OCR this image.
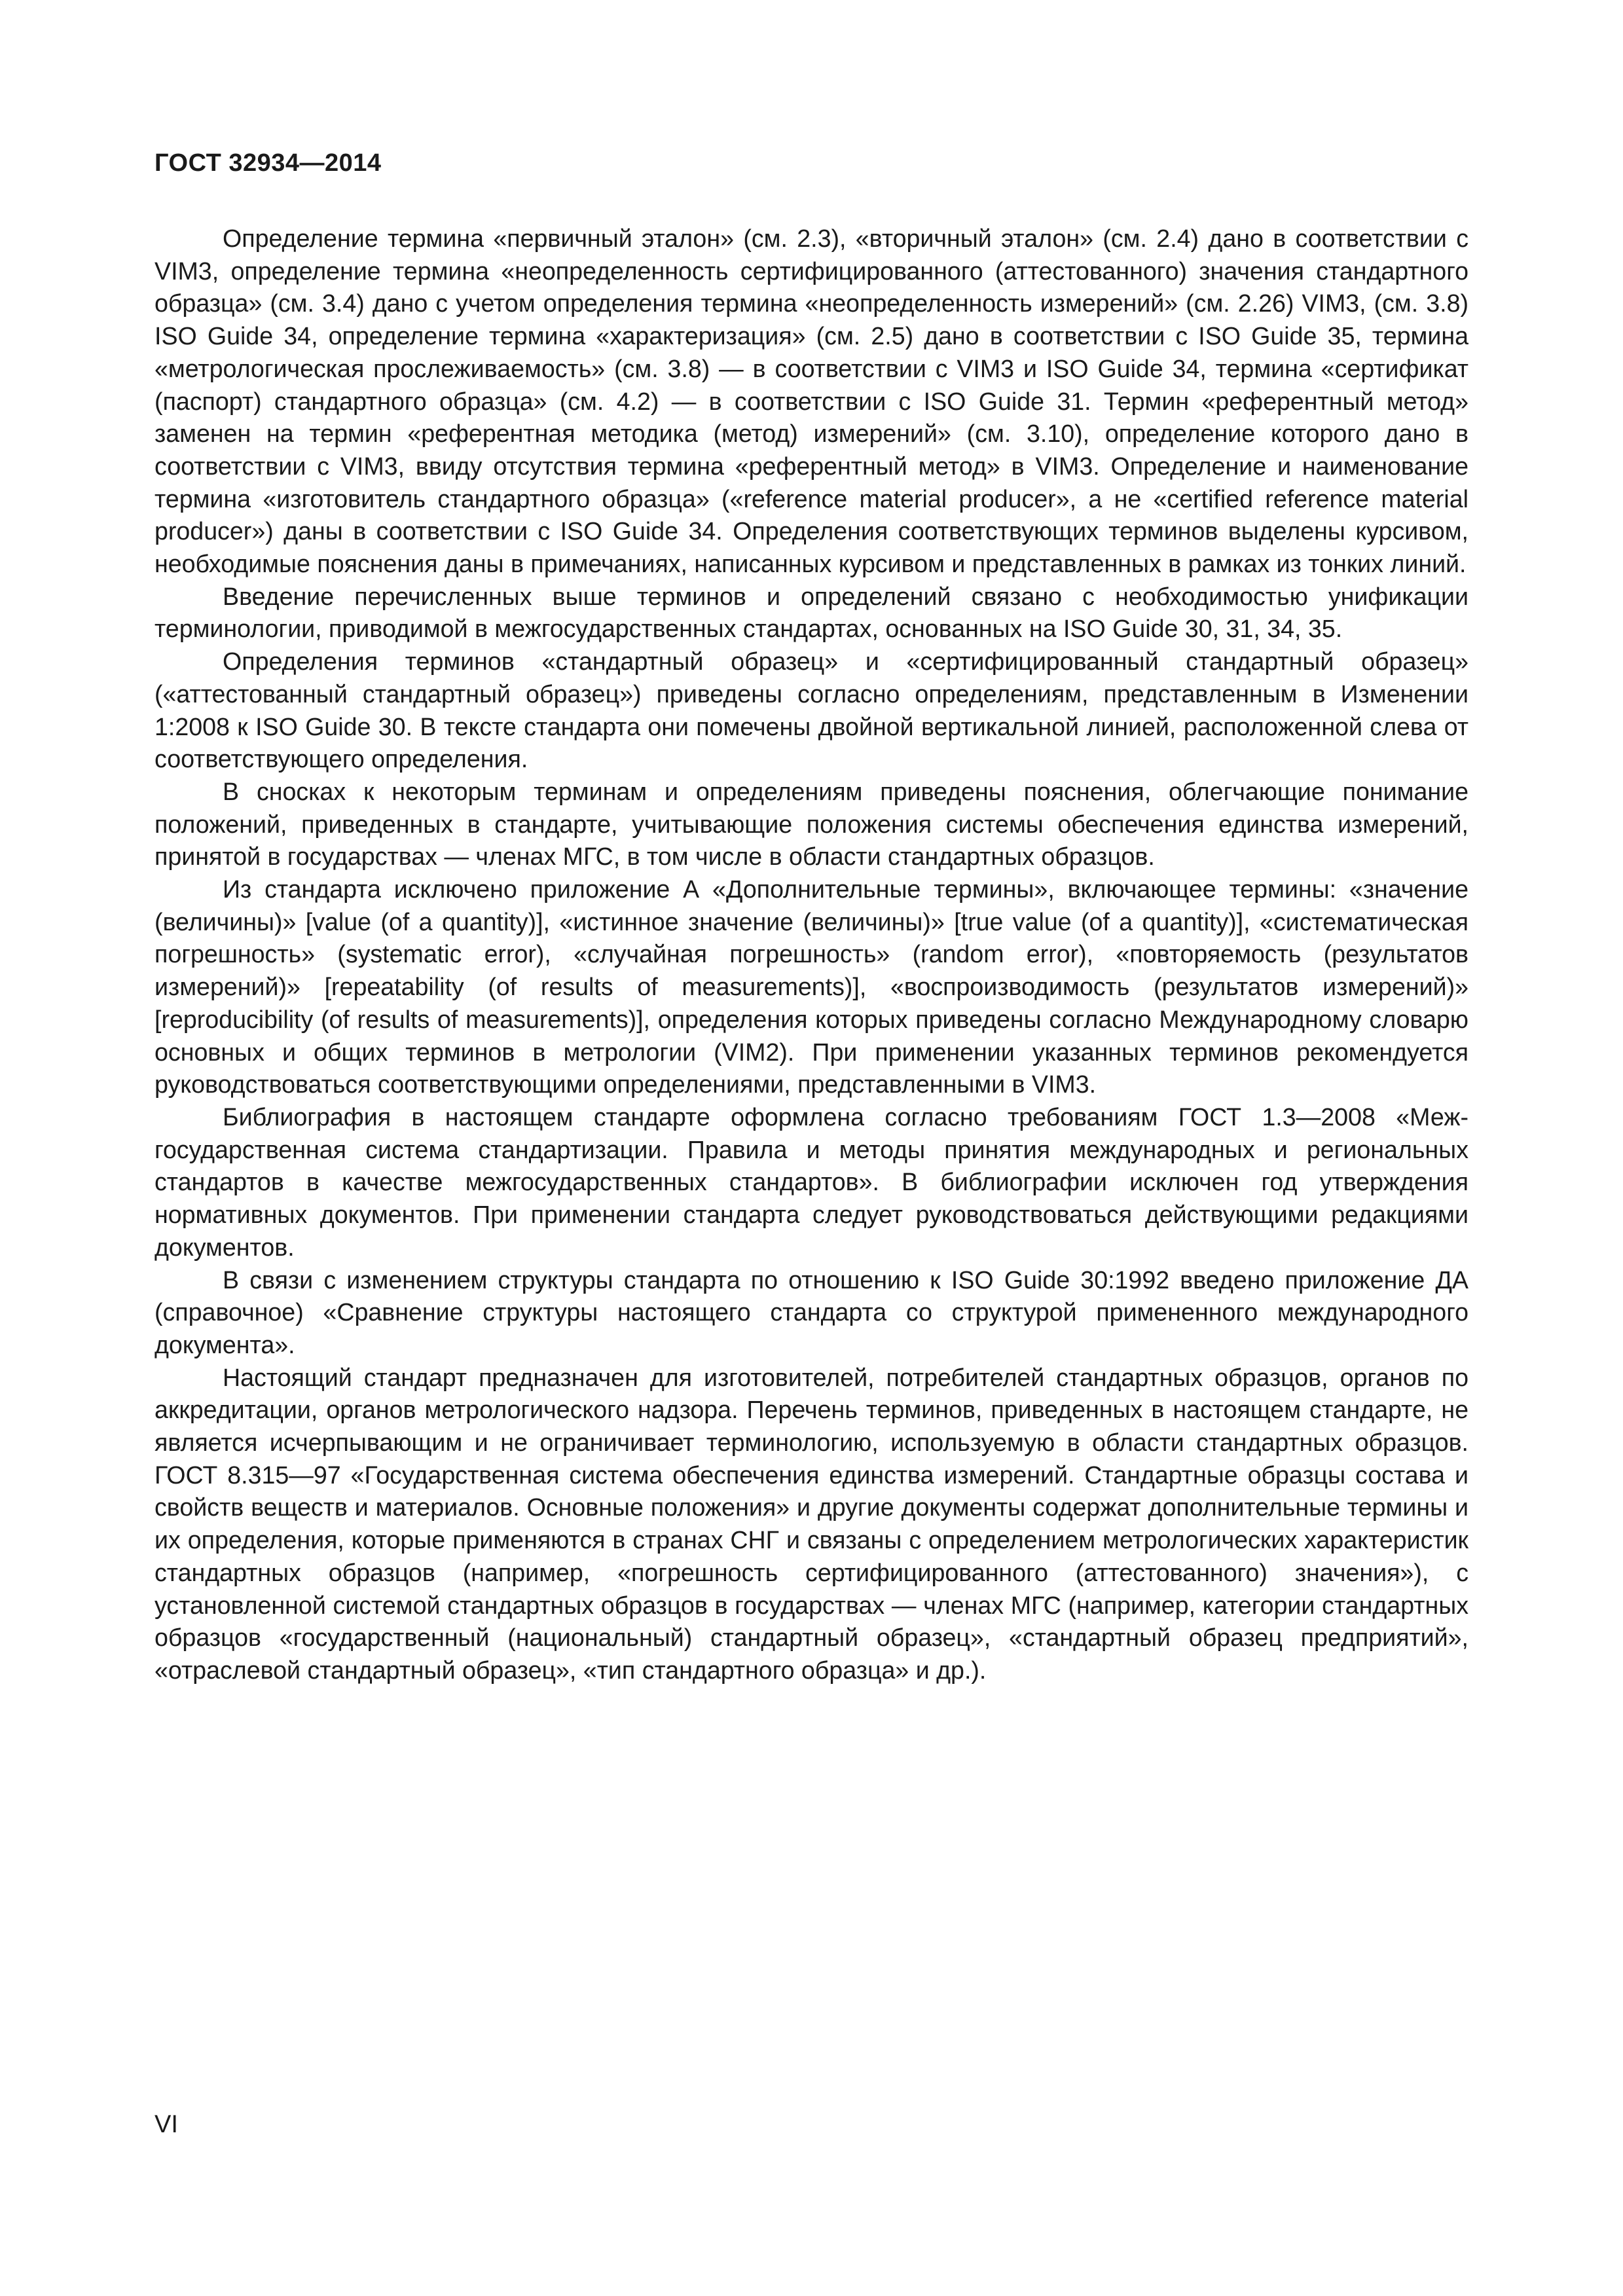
ГОСТ 32934—2014

Определение термина «первичный эталон» (см. 2.3), «вторичный эталон» (см. 2.4) дано в соответствии с VIM3, определение термина «неопределенность сертифицированного (аттестованного) значения стандартного образца» (см. 3.4) дано с учетом определения термина «неопределенность измерений» (см. 2.26) VIM3, (см. 3.8) ISO Guide 34, определение термина «характеризация» (см. 2.5) дано в соответствии с ISO Guide 35, термина «метрологическая прослеживаемость» (см. 3.8) — в соответствии с VIM3 и ISO Guide 34, термина «сертификат (паспорт) стандартного образца» (см. 4.2) — в соответствии с ISO Guide 31. Термин «референтный метод» заменен на термин «референтная методика (метод) измерений» (см. 3.10), определение которого дано в соответствии с VIM3, ввиду отсутствия термина «референтный метод» в VIM3. Определение и наименование термина «изготовитель стандартного образца» («reference material producer», а не «certified reference material producer») даны в соответствии с ISO Guide 34. Определения соответствующих терминов выделены курсивом, необходимые пояснения даны в примечаниях, написанных курсивом и представленных в рамках из тонких линий.

Введение перечисленных выше терминов и определений связано с необходимостью унификации терминологии, приводимой в межгосударственных стандартах, основанных на ISO Guide 30, 31, 34, 35.

Определения терминов «стандартный образец» и «сертифицированный стандартный образец» («аттестованный стандартный образец») приведены согласно определениям, представленным в Изменении 1:2008 к ISO Guide 30. В тексте стандарта они помечены двойной вертикальной линией, расположенной слева от соответствующего определения.

В сносках к некоторым терминам и определениям приведены пояснения, облегчающие понимание положений, приведенных в стандарте, учитывающие положения системы обеспечения единства измерений, принятой в государствах — членах МГС, в том числе в области стандартных образцов.

Из стандарта исключено приложение А «Дополнительные термины», включающее термины: «значение (величины)» [value (of a quantity)], «истинное значение (величины)» [true value (of a quantity)], «систематическая погрешность» (systematic error), «случайная погрешность» (random error), «повторяемость (результатов измерений)» [repeatability (of results of measurements)], «воспроизводимость (результатов измерений)» [reproducibility (of results of measurements)], определения которых приведены согласно Международному словарю основных и общих терминов в метрологии (VIM2). При применении указанных терминов рекомендуется руководствоваться соответствующими определениями, представленными в VIM3.

Библиография в настоящем стандарте оформлена согласно требованиям ГОСТ 1.3—2008 «Межгосударственная система стандартизации. Правила и методы принятия международных и региональных стандартов в качестве межгосударственных стандартов». В библиографии исключен год утверждения нормативных документов. При применении стандарта следует руководствоваться действующими редакциями документов.

В связи с изменением структуры стандарта по отношению к ISO Guide 30:1992 введено приложение ДА (справочное) «Сравнение структуры настоящего стандарта со структурой примененного международного документа».

Настоящий стандарт предназначен для изготовителей, потребителей стандартных образцов, органов по аккредитации, органов метрологического надзора. Перечень терминов, приведенных в настоящем стандарте, не является исчерпывающим и не ограничивает терминологию, используемую в области стандартных образцов. ГОСТ 8.315—97 «Государственная система обеспечения единства измерений. Стандартные образцы состава и свойств веществ и материалов. Основные положения» и другие документы содержат дополнительные термины и их определения, которые применяются в странах СНГ и связаны с определением метрологических характеристик стандартных образцов (например, «погрешность сертифицированного (аттестованного) значения»), с установленной системой стандартных образцов в государствах — членах МГС (например, категории стандартных образцов «государственный (национальный) стандартный образец», «стандартный образец предприятий», «отраслевой стандартный образец», «тип стандартного образца» и др.).

VI
